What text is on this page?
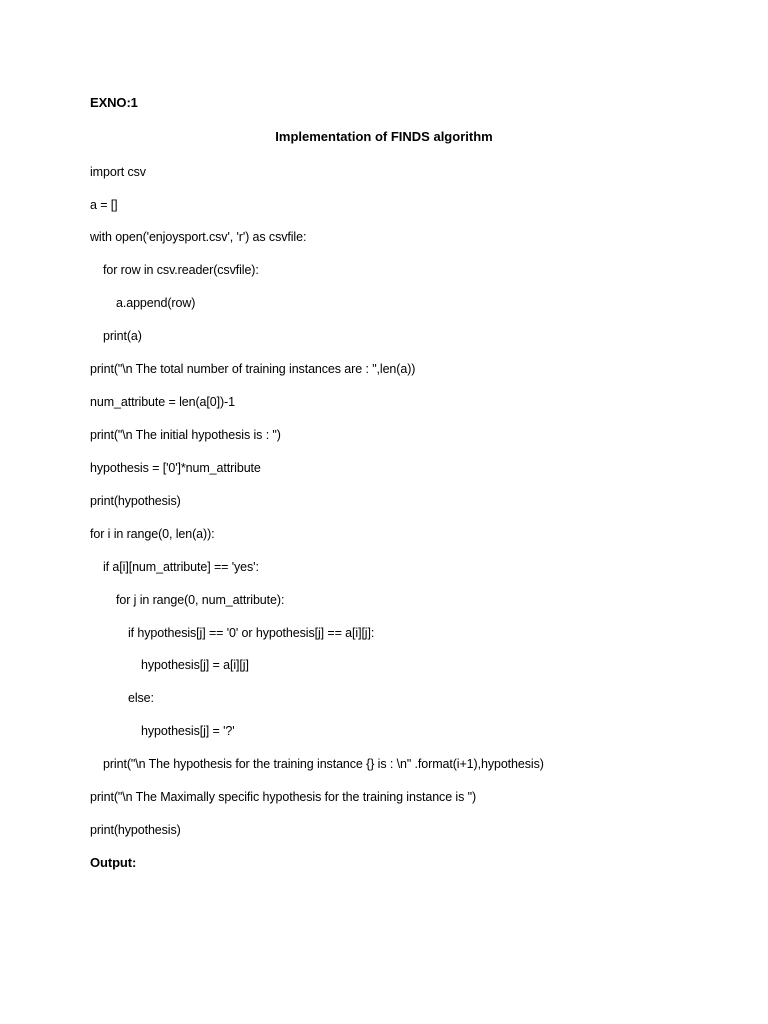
EXNO:1
Implementation of FINDS algorithm
import csv
a = []
with open('enjoysport.csv', 'r') as csvfile:
for row in csv.reader(csvfile):
a.append(row)
print(a)
print("\n The total number of training instances are : ",len(a))
num_attribute = len(a[0])-1
print("\n The initial hypothesis is : ")
hypothesis = ['0']*num_attribute
print(hypothesis)
for i in range(0, len(a)):
if a[i][num_attribute] == 'yes':
for j in range(0, num_attribute):
if hypothesis[j] == '0' or hypothesis[j] == a[i][j]:
hypothesis[j] = a[i][j]
else:
hypothesis[j] = '?'
print("\n The hypothesis for the training instance {} is : \n" .format(i+1),hypothesis)
print("\n The Maximally specific hypothesis for the training instance is ")
print(hypothesis)
Output:
